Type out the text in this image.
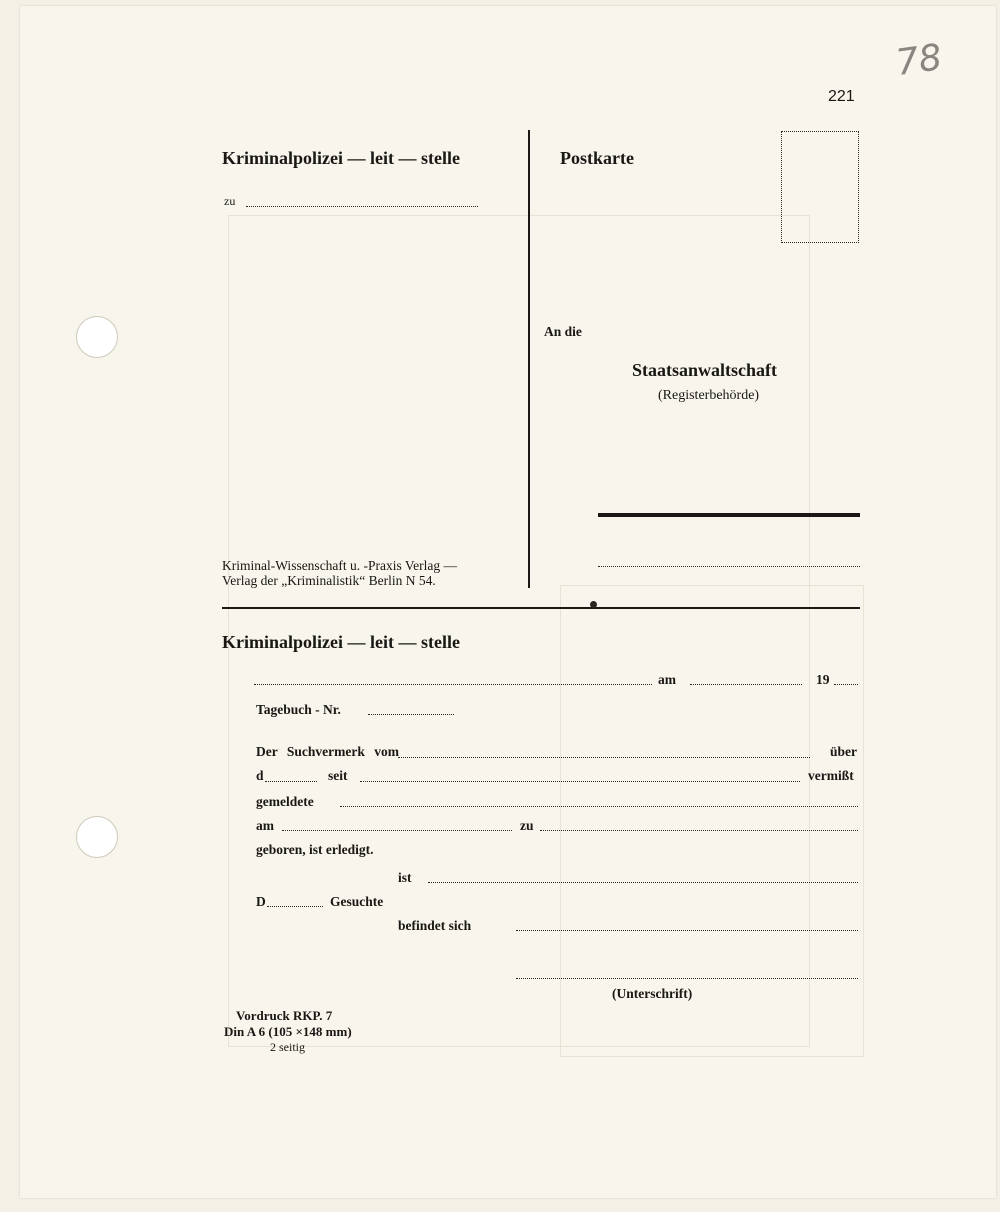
221
78
Kriminalpolizei — leit — stelle
zu
Postkarte
An die
Staatsanwaltschaft
(Registerbehörde)
Kriminal-Wissenschaft u. -Praxis Verlag —
Verlag der „Kriminalistik“ Berlin N 54.
Kriminalpolizei — leit — stelle
am	19
Tagebuch - Nr.
Der Suchvermerk vom	über
d	seit	vermißt
gemeldete
am	zu
geboren, ist erledigt.
ist
D	Gesuchte
befindet sich
(Unterschrift)
Vordruck RKP. 7
Din A 6 (105 ×148 mm)
2 seitig
